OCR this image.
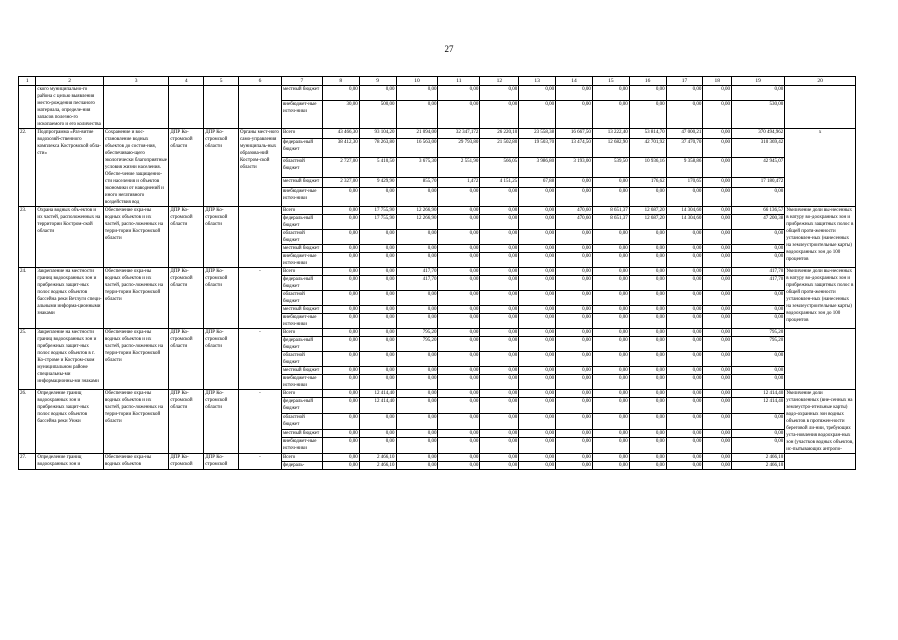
27
1	2	3	4	5	6	7	8	9	10	11	12	13	14	15	16	17	18	19	20
	ского муниципально-го района с целью выявления место-рождения песчаного материала, определе-ния запасов полезно-го ископаемого и его количества					местный бюджет	0,00	0,00	0,00	0,00	0,00	0,00	0,00	0,00	0,00	0,00	0,00	0,00	
						внебюджет-ные источ-ники	30,00	500,00	0,00	0,00	0,00	0,00	0,00	0,00	0,00	0,00	0,00	530,00	
22.	Подпрограмма «Раз-витие водохозяй-ственного комплекса Костромской обла-сти»	Сохранение и вос-становление водных объектов до состоя-ния, обеспечиваю-щего экологически благоприятные условия жизни населения. Обеспе-чение защищенно-сти населения и объектов экономики от наводнений и иного негативного воздействия вод	ДПР Ко-стромской области	ДПР Ко-стромской области	Органы мест-ного само-управления муниципаль-ных образова-ний Костром-ской области	Всего	43 466,30	93 104,20	21 094,00	32 347,172	26 220,10	23 558,38	16 667,50	13 222,40	53 814,70	47 000,21	0,00	370 494,962	х
						федераль-ный бюджет	38 412,30	78 263,80	16 563,00	29 793,80	21 502,80	19 503,70	13 474,50	12 682,90	42 701,92	37 470,70	0,00	310 369,42	
						областной бюджет	2 727,00	5 410,50	3 675,30	2 551,90	566,05	3 986,80	3 193,00	539,50	10 936,16	9 358,86	0,00	42 945,07	
						местный бюджет	2 327,00	9 429,90	855,70	1,472	4 151,25	67,88	0,00	0,00	176,62	170,65	0,00	17 180,472	
						внебюджет-ные источ-ники	0,00	0,00	0,00	0,00	0,00	0,00	0,00	0,00	0,00	0,00	0,00	0,00	
23.	Охрана водных объ-ектов и их частей, расположенных на территории Костром-ской области	Обеспечение охра-ны водных объектов и их частей, распо-ложенных на терри-тории Костромской области	ДПР Ко-стромской области	ДПР Ко-стромской области		Всего	0,00	17 755,90	12 266,90	0,00	0,00	0,00	470,60	8 651,37	12 687,20	14 304,60	0,00	66 136,57	Увеличение доли вы-несенных в натуру во-доохранных зон и прибрежных защитных полос в общей протя-женности установлен-ных (нанесенных на землеустроительные карты) водоохранных зон до 100 процентов
						федераль-ный бюджет	0,00	17 755,90	12 266,90	0,00	0,00	0,00	470,60	8 651,37	12 687,20	14 304,60	0,00	47 200,38	
						областной бюджет	0,00	0,00	0,00	0,00	0,00	0,00	0,00	0,00	0,00	0,00	0,00	0,00	
						местный бюджет	0,00	0,00	0,00	0,00	0,00	0,00	0,00	0,00	0,00	0,00	0,00	0,00	
						внебюджет-ные источ-ники	0,00	0,00	0,00	0,00	0,00	0,00	0,00	0,00	0,00	0,00	0,00	0,00	
24.	Закрепление на местности границ водоохранных зон и прибрежных защит-ных полос водных объектов бассейна реки Ветлуги специ-альными информа-ционными знаками	Обеспечение охра-ны водных объектов и их частей, распо-ложенных на терри-тории Костромской области	ДПР Ко-стромской области	ДПР Ко-стромской области	-	Всего	0,00	0,00	417,70	0,00	0,00	0,00	0,00	0,00	0,00	0,00	0,00	417,70	Увеличение доли вы-несенных в натуру во-доохранных зон и прибрежных защитных полос в общей протя-женности установлен-ных (нанесенных на землеустроительные карты) водоохранных зон до 100 процентов
						федераль-ный бюджет	0,00	0,00	417,70	0,00	0,00	0,00	0,00	0,00	0,00	0,00	0,00	417,70	
						областной бюджет	0,00	0,00	0,00	0,00	0,00	0,00	0,00	0,00	0,00	0,00	0,00	0,00	
						местный бюджет	0,00	0,00	0,00	0,00	0,00	0,00	0,00	0,00	0,00	0,00	0,00	0,00	
						внебюджет-ные источ-ники	0,00	0,00	0,00	0,00	0,00	0,00	0,00	0,00	0,00	0,00	0,00	0,00	
25.	Закрепление на местности границ водоохранных зон и прибрежных защит-ных полос водных объектов в г. Ко-строме и Костром-ском муниципальном районе специальны-ми информационны-ми знаками	Обеспечение охра-ны водных объектов и их частей, распо-ложенных на терри-тории Костромской области	ДПР Ко-стромской области	ДПР Ко-стромской области	-	Всего	0,00	0,00	795,20	0,00	0,00	0,00	0,00	0,00	0,00	0,00	0,00	795,20	
						федераль-ный бюджет	0,00	0,00	795,20	0,00	0,00	0,00	0,00	0,00	0,00	0,00	0,00	795,20	
						областной бюджет	0,00	0,00	0,00	0,00	0,00	0,00	0,00	0,00	0,00	0,00	0,00	0,00	
						местный бюджет	0,00	0,00	0,00	0,00	0,00	0,00	0,00	0,00	0,00	0,00	0,00	0,00	
						внебюджет-ные источ-ники	0,00	0,00	0,00	0,00	0,00	0,00	0,00	0,00	0,00	0,00	0,00	0,00	
26.	Определение границ водоохранных зон и прибрежных защит-ных полос водных объектов бассейна реки Унжи	Обеспечение охра-ны водных объектов и их частей, распо-ложенных на терри-тории Костромской области	ДПР Ко-стромской области	ДПР Ко-стромской области	-	Всего	0,00	12 414,40	0,00	0,00	0,00	0,00	0,00	0,00	0,00	0,00	0,00	12 414,40	Увеличение доли установленных (вне-сенных на землеустро-ительные карты) водо-охранных зон водных объектов в протяжен-ности береговой ли-нии, требующих уста-новления водоохран-ных зон (участков водных объектов, ис-пытывающих антропо-
						федераль-ный бюджет	0,00	12 414,40	0,00	0,00	0,00	0,00	0,00	0,00	0,00	0,00	0,00	12 414,40	
						областной бюджет	0,00	0,00	0,00	0,00	0,00	0,00	0,00	0,00	0,00	0,00	0,00	0,00	
						местный бюджет	0,00	0,00	0,00	0,00	0,00	0,00	0,00	0,00	0,00	0,00	0,00	0,00	
						внебюджет-ные источ-ники	0,00	0,00	0,00	0,00	0,00	0,00	0,00	0,00	0,00	0,00	0,00	0,00	
27.	Определение границ водоохранных зон и	Обеспечение охра-ны водных объектов	ДПР Ко-стромской	ДПР Ко-стромской	-	Всего	0,00	2 466,10	0,00	0,00	0,00	0,00	0,00	0,00	0,00	0,00	0,00	2 466,10	
						федераль-	0,00	2 466,10	0,00	0,00	0,00	0,00	0,00	0,00	0,00	0,00	0,00	2 466,10	
